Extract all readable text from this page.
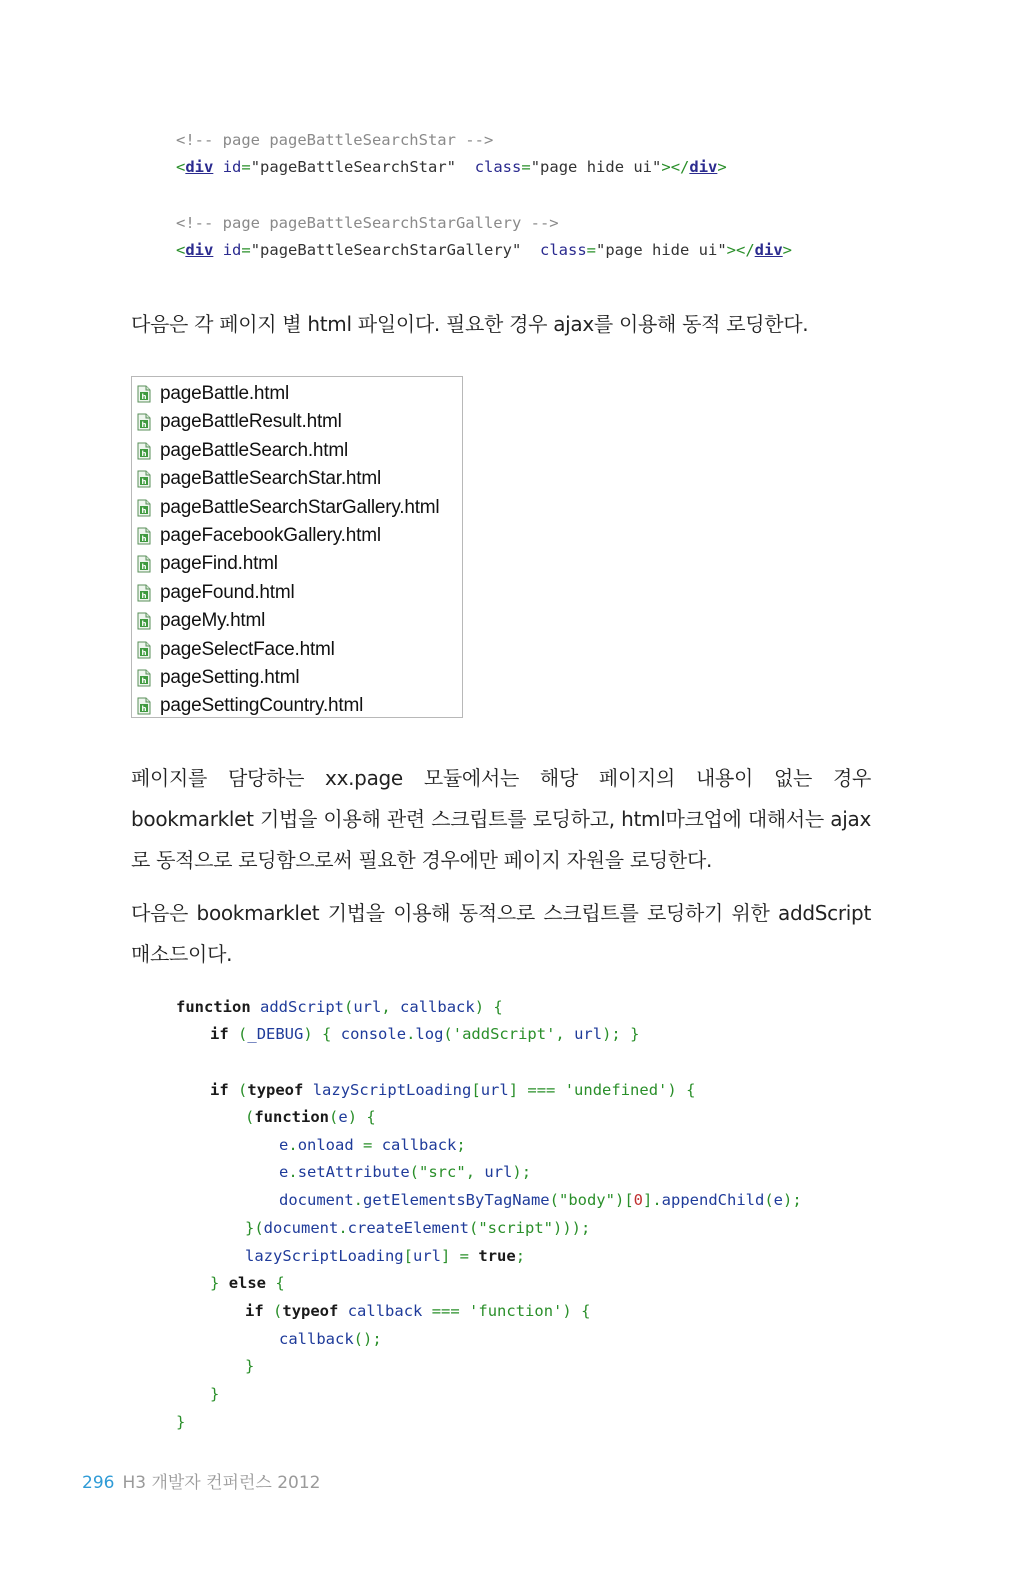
<!-- page pageBattleSearchStar -->
<div id="pageBattleSearchStar" class="page hide ui"></div>
<!-- page pageBattleSearchStarGallery -->
<div id="pageBattleSearchStarGallery" class="page hide ui"></div>
다음은 각 페이지 별 html 파일이다. 필요한 경우 ajax를 이용해 동적 로딩한다.
h pageBattle.html
h pageBattleResult.html
h pageBattleSearch.html
h pageBattleSearchStar.html
h pageBattleSearchStarGallery.html
h pageFacebookGallery.html
h pageFind.html
h pageFound.html
h pageMy.html
h pageSelectFace.html
h pageSetting.html
h pageSettingCountry.html
페이지를 담당하는 xx.page 모듈에서는 해당 페이지의 내용이 없는 경우
bookmarklet 기법을 이용해 관련 스크립트를 로딩하고, html마크업에 대해서는 ajax
로 동적으로 로딩함으로써 필요한 경우에만 페이지 자원을 로딩한다.
다음은 bookmarklet 기법을 이용해 동적으로 스크립트를 로딩하기 위한 addScript
매소드이다.
function addScript(url, callback) {
if (_DEBUG) { console.log('addScript', url); }
if (typeof lazyScriptLoading[url] === 'undefined') {
(function(e) {
e.onload = callback;
e.setAttribute("src", url);
document.getElementsByTagName("body")[0].appendChild(e);
}(document.createElement("script")));
lazyScriptLoading[url] = true;
} else {
if (typeof callback === 'function') {
callback();
}
}
}
296 H3 개발자 컨퍼런스 2012
